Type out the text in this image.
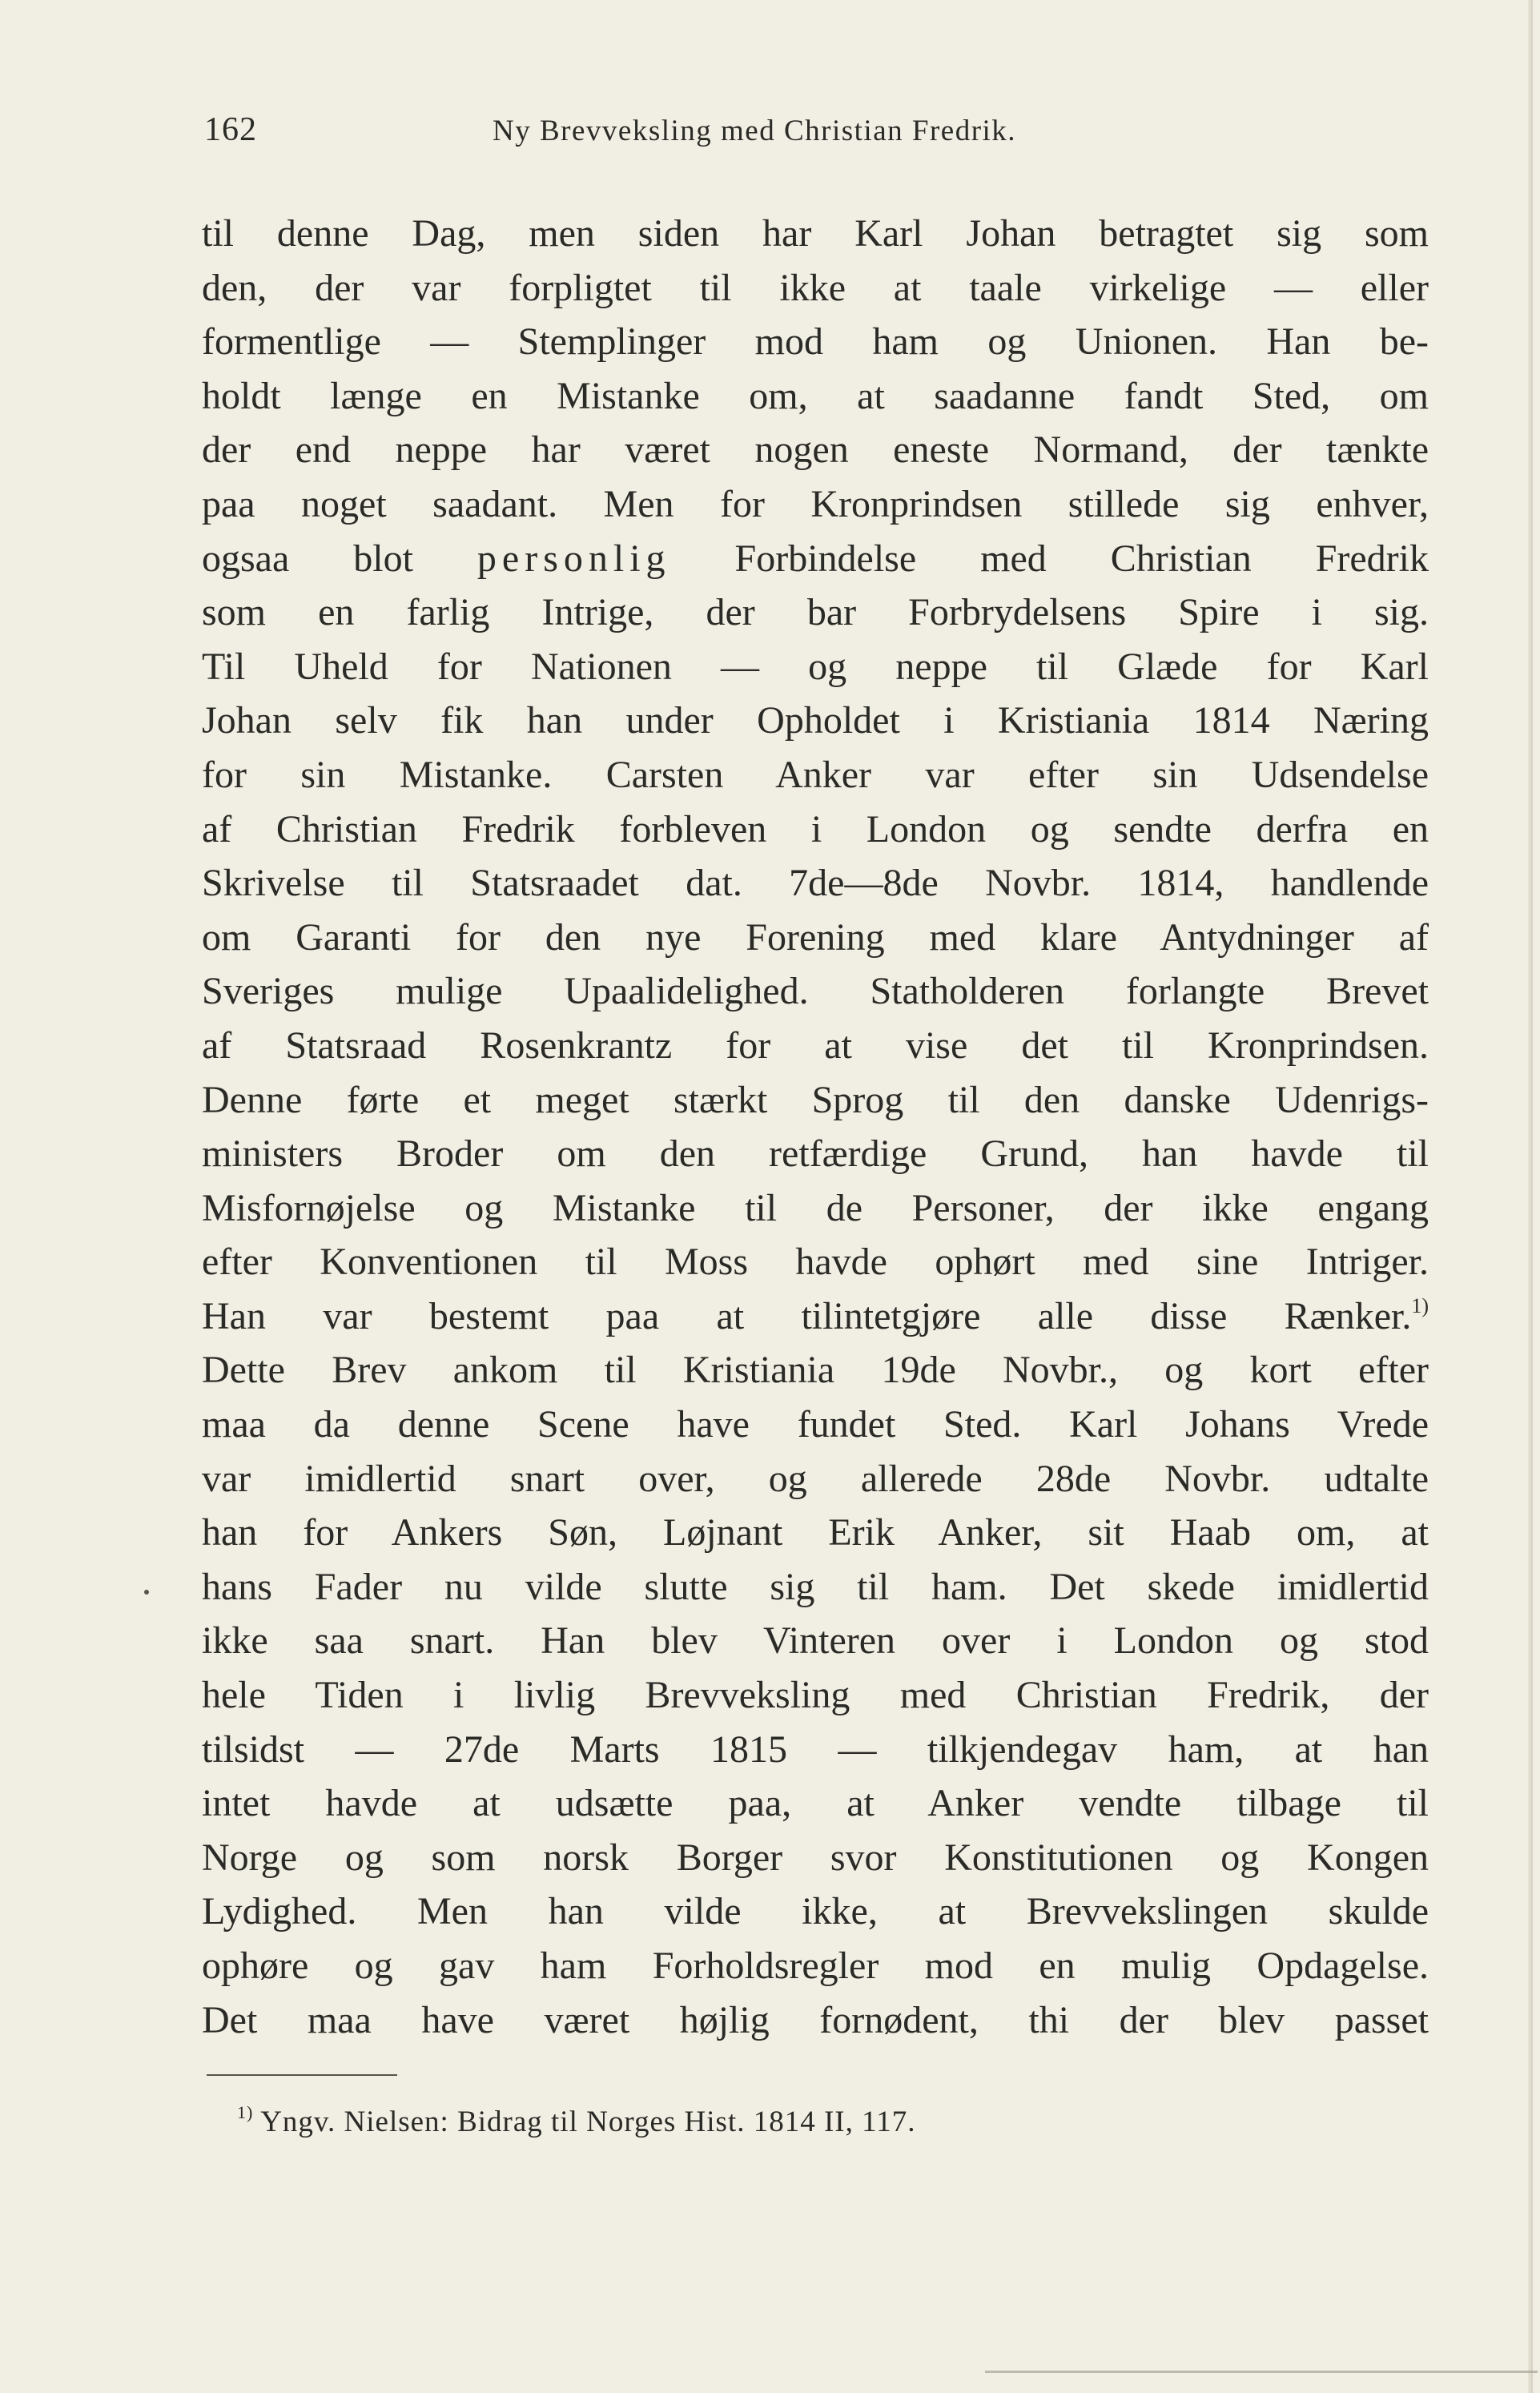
162	Ny Brevveksling med Christian Fredrik.
til denne Dag, men siden har Karl Johan betragtet sig som
den, der var forpligtet til ikke at taale virkelige — eller
formentlige — Stemplinger mod ham og Unionen. Han be-
holdt længe en Mistanke om, at saadanne fandt Sted, om
der end neppe har været nogen eneste Normand, der tænkte
paa noget saadant. Men for Kronprindsen stillede sig enhver,
ogsaa blot personlig Forbindelse med Christian Fredrik
som en farlig Intrige, der bar Forbrydelsens Spire i sig.
Til Uheld for Nationen — og neppe til Glæde for Karl
Johan selv fik han under Opholdet i Kristiania 1814 Næring
for sin Mistanke. Carsten Anker var efter sin Udsendelse
af Christian Fredrik forbleven i London og sendte derfra en
Skrivelse til Statsraadet dat. 7de—8de Novbr. 1814, handlende
om Garanti for den nye Forening med klare Antydninger af
Sveriges mulige Upaalidelighed. Statholderen forlangte Brevet
af Statsraad Rosenkrantz for at vise det til Kronprindsen.
Denne førte et meget stærkt Sprog til den danske Udenrigs-
ministers Broder om den retfærdige Grund, han havde til
Misfornøjelse og Mistanke til de Personer, der ikke engang
efter Konventionen til Moss havde ophørt med sine Intriger.
Han var bestemt paa at tilintetgjøre alle disse Rænker.$^{1)}$
Dette Brev ankom til Kristiania 19de Novbr., og kort efter
maa da denne Scene have fundet Sted. Karl Johans Vrede
var imidlertid snart over, og allerede 28de Novbr. udtalte
han for Ankers Søn, Løjnant Erik Anker, sit Haab om, at
hans Fader nu vilde slutte sig til ham. Det skede imidlertid
ikke saa snart. Han blev Vinteren over i London og stod
hele Tiden i livlig Brevveksling med Christian Fredrik, der
tilsidst — 27de Marts 1815 — tilkjendegav ham, at han
intet havde at udsætte paa, at Anker vendte tilbage til
Norge og som norsk Borger svor Konstitutionen og Kongen
Lydighed. Men han vilde ikke, at Brevvekslingen skulde
ophøre og gav ham Forholdsregler mod en mulig Opdagelse.
Det maa have været højlig fornødent, thi der blev passet
$^{1)}$ Yngv. Nielsen: Bidrag til Norges Hist. 1814 II, 117.
